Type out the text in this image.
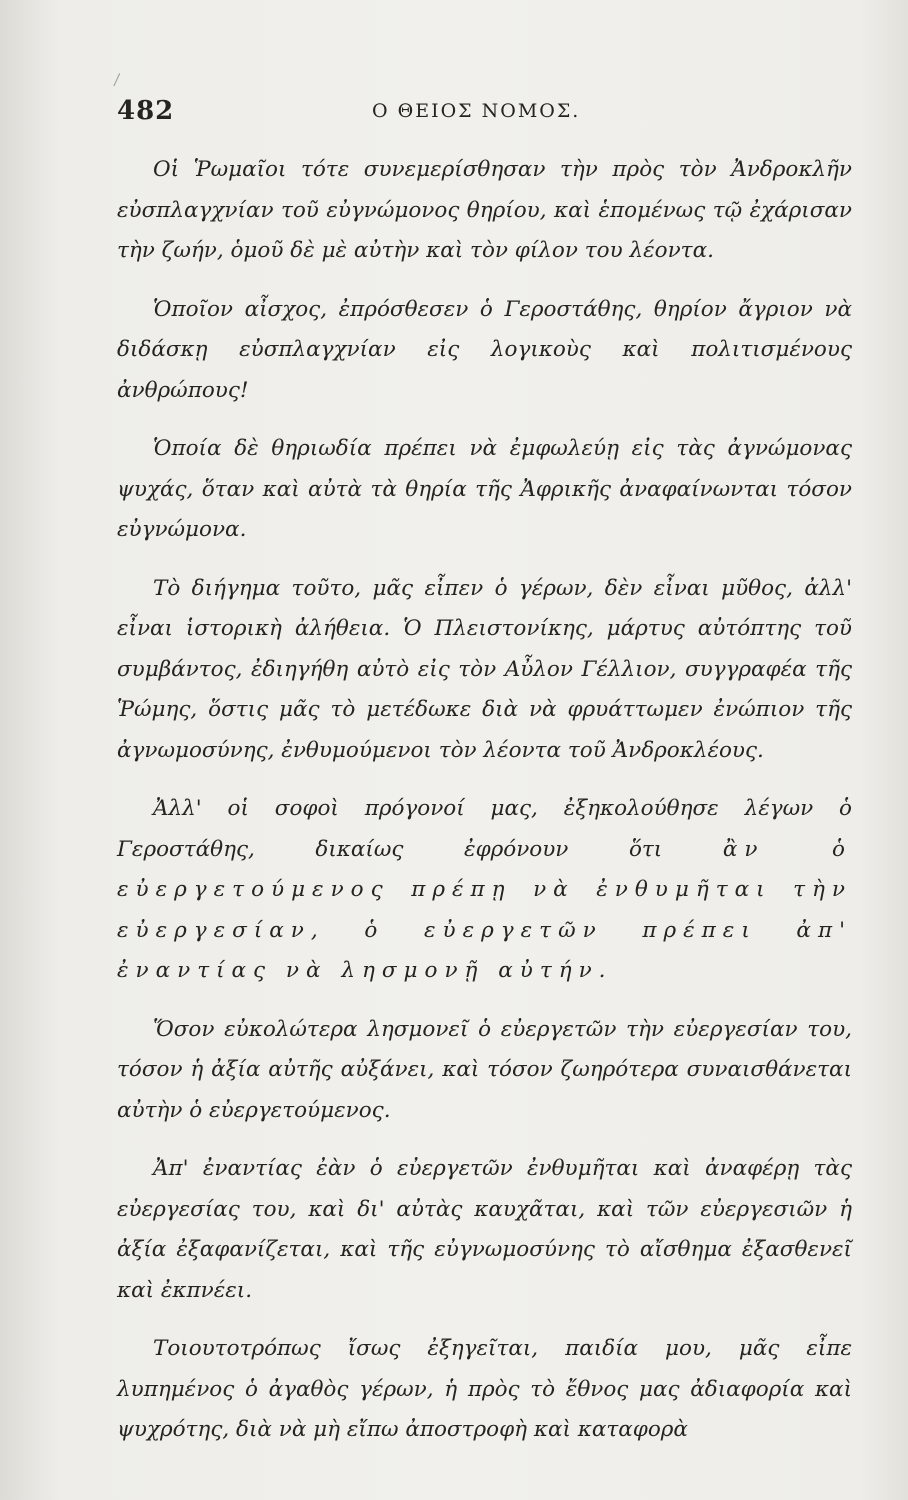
482	Ο ΘΕΙΟΣ ΝΟΜΟΣ.

Οἱ Ῥωμαῖοι τότε συνεμερίσθησαν τὴν πρὸς τὸν Ἀνδροκλῆν εὐσπλαγχνίαν τοῦ εὐγνώμονος θηρίου, καὶ ἑπομένως τῷ ἐχάρισαν τὴν ζωήν, ὁμοῦ δὲ μὲ αὐτὴν καὶ τὸν φίλον του λέοντα.

Ὁποῖον αἶσχος, ἐπρόσθεσεν ὁ Γεροστάθης, θηρίον ἄγριον νὰ διδάσκῃ εὐσπλαγχνίαν εἰς λογικοὺς καὶ πολιτισμένους ἀνθρώπους!

Ὁποία δὲ θηριωδία πρέπει νὰ ἐμφωλεύῃ εἰς τὰς ἀγνώμονας ψυχάς, ὅταν καὶ αὐτὰ τὰ θηρία τῆς Ἀφρικῆς ἀναφαίνωνται τόσον εὐγνώμονα.

Τὸ διήγημα τοῦτο, μᾶς εἶπεν ὁ γέρων, δὲν εἶναι μῦθος, ἀλλ' εἶναι ἱστορικὴ ἀλήθεια. Ὁ Πλειστονίκης, μάρτυς αὐτόπτης τοῦ συμβάντος, ἐδιηγήθη αὐτὸ εἰς τὸν Αὖλον Γέλλιον, συγγραφέα τῆς Ῥώμης, ὅστις μᾶς τὸ μετέδωκε διὰ νὰ φρυάττωμεν ἐνώπιον τῆς ἀγνωμοσύνης, ἐνθυμούμενοι τὸν λέοντα τοῦ Ἀνδροκλέους.

Ἀλλ' οἱ σοφοὶ πρόγονοί μας, ἐξηκολούθησε λέγων ὁ Γεροστάθης, δικαίως ἐφρόνουν ὅτι ἂν ὁ εὐεργετούμενος πρέπῃ νὰ ἐνθυμῆται τὴν εὐεργεσίαν, ὁ εὐεργετῶν πρέπει ἀπ' ἐναντίας νὰ λησμονῇ αὐτήν.

Ὅσον εὐκολώτερα λησμονεῖ ὁ εὐεργετῶν τὴν εὐεργεσίαν του, τόσον ἡ ἀξία αὐτῆς αὐξάνει, καὶ τόσον ζωηρότερα συναισθάνεται αὐτὴν ὁ εὐεργετούμενος.

Ἀπ' ἐναντίας ἐὰν ὁ εὐεργετῶν ἐνθυμῆται καὶ ἀναφέρῃ τὰς εὐεργεσίας του, καὶ δι' αὐτὰς καυχᾶται, καὶ τῶν εὐεργεσιῶν ἡ ἀξία ἐξαφανίζεται, καὶ τῆς εὐγνωμοσύνης τὸ αἴσθημα ἐξασθενεῖ καὶ ἐκπνέει.

Τοιουτοτρόπως ἴσως ἐξηγεῖται, παιδία μου, μᾶς εἶπε λυπημένος ὁ ἀγαθὸς γέρων, ἡ πρὸς τὸ ἔθνος μας ἀδιαφορία καὶ ψυχρότης, διὰ νὰ μὴ εἴπω ἀποστροφὴ καὶ καταφορὰ
